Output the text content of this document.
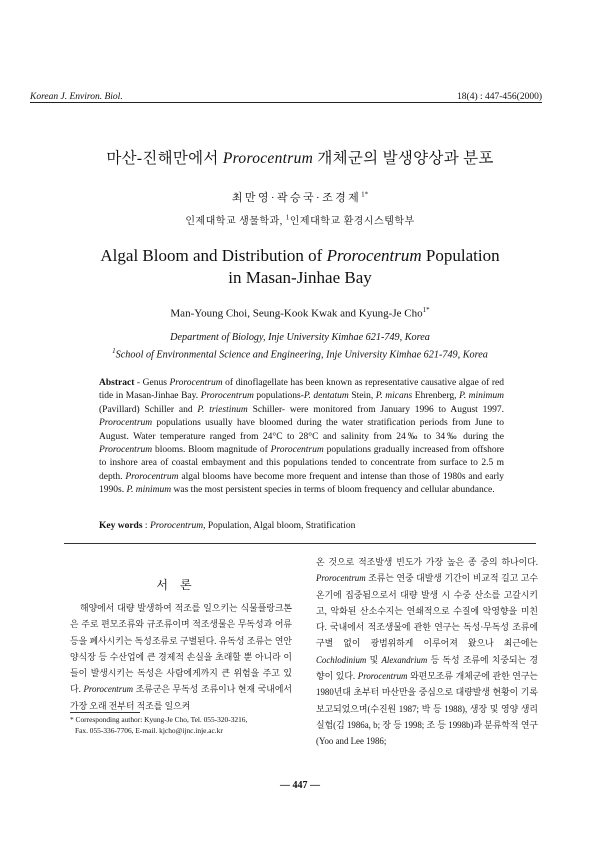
Korean J. Environ. Biol.	18(4) : 447-456(2000)
마산-진해만에서 Prorocentrum 개체군의 발생양상과 분포
최만영·곽승국·조경제$^{1*}$
인제대학교 생물학과, $^1$인제대학교 환경시스템학부
Algal Bloom and Distribution of Prorocentrum Population
in Masan-Jinhae Bay
Man-Young Choi, Seung-Kook Kwak and Kyung-Je Cho$^{1*}$
Department of Biology, Inje University Kimhae 621-749, Korea
$^1$School of Environmental Science and Engineering, Inje University Kimhae 621-749, Korea
Abstract - Genus Prorocentrum of dinoflagellate has been known as representative causative algae of red tide in Masan-Jinhae Bay. Prorocentrum populations-P. dentatum Stein, P. micans Ehrenberg, P. minimum (Pavillard) Schiller and P. triestinum Schiller- were monitored from January 1996 to August 1997. Prorocentrum populations usually have bloomed during the water stratification periods from June to August. Water temperature ranged from 24°C to 28°C and salinity from 24‰ to 34‰ during the Prorocentrum blooms. Bloom magnitude of Prorocentrum populations gradually increased from offshore to inshore area of coastal embayment and this populations tended to concentrate from surface to 2.5 m depth. Prorocentrum algal blooms have become more frequent and intense than those of 1980s and early 1990s. P. minimum was the most persistent species in terms of bloom frequency and cellular abundance.
Key words : Prorocentrum, Population, Algal bloom, Stratification
서론

해양에서 대량 발생하여 적조를 일으키는 식물플랑크톤은 주로 편모조류와 규조류이며 적조생물은 무독성과 어류등을 폐사시키는 독성조류로 구별된다. 유독성 조류는 연안 양식장 등 수산업에 큰 경제적 손실을 초래할 뿐 아니라 이들이 발생시키는 독성은 사람에게까지 큰 위험을 주고 있다. Prorocentrum 조류군은 무독성 조류이나 현재 국내에서 가장 오래 전부터 적조를 일으켜

온 것으로 적조발생 빈도가 가장 높은 종 중의 하나이다. Prorocentrum 조류는 연중 대발생 기간이 비교적 길고 고수온기에 집중됨으로서 대량 발생 시 수중 산소를 고갈시키고, 악화된 산소수지는 연쇄적으로 수질에 악영향을 미친다. 국내에서 적조생물에 관한 연구는 독성·무독성 조류에 구별 없이 광범위하게 이루어져 왔으나 최근에는 Cochlodinium 및 Alexandrium 등 독성 조류에 치중되는 경향이 있다. Prorocentrum 와편모조류 개체군에 관한 연구는 1980년대 초부터 마산만을 중심으로 대량발생 현황이 기록 보고되었으며(수진원 1987; 박 등 1988), 생장 및 영양 생리 실험(김 1986a, b; 장 등 1998; 조 등 1998b)과 분류학적 연구(Yoo and Lee 1986;

* Corresponding author: Kyung-Je Cho, Tel. 055-320-3216,
Fax. 055-336-7706, E-mail. kjcho@ijnc.inje.ac.kr
— 447 —
